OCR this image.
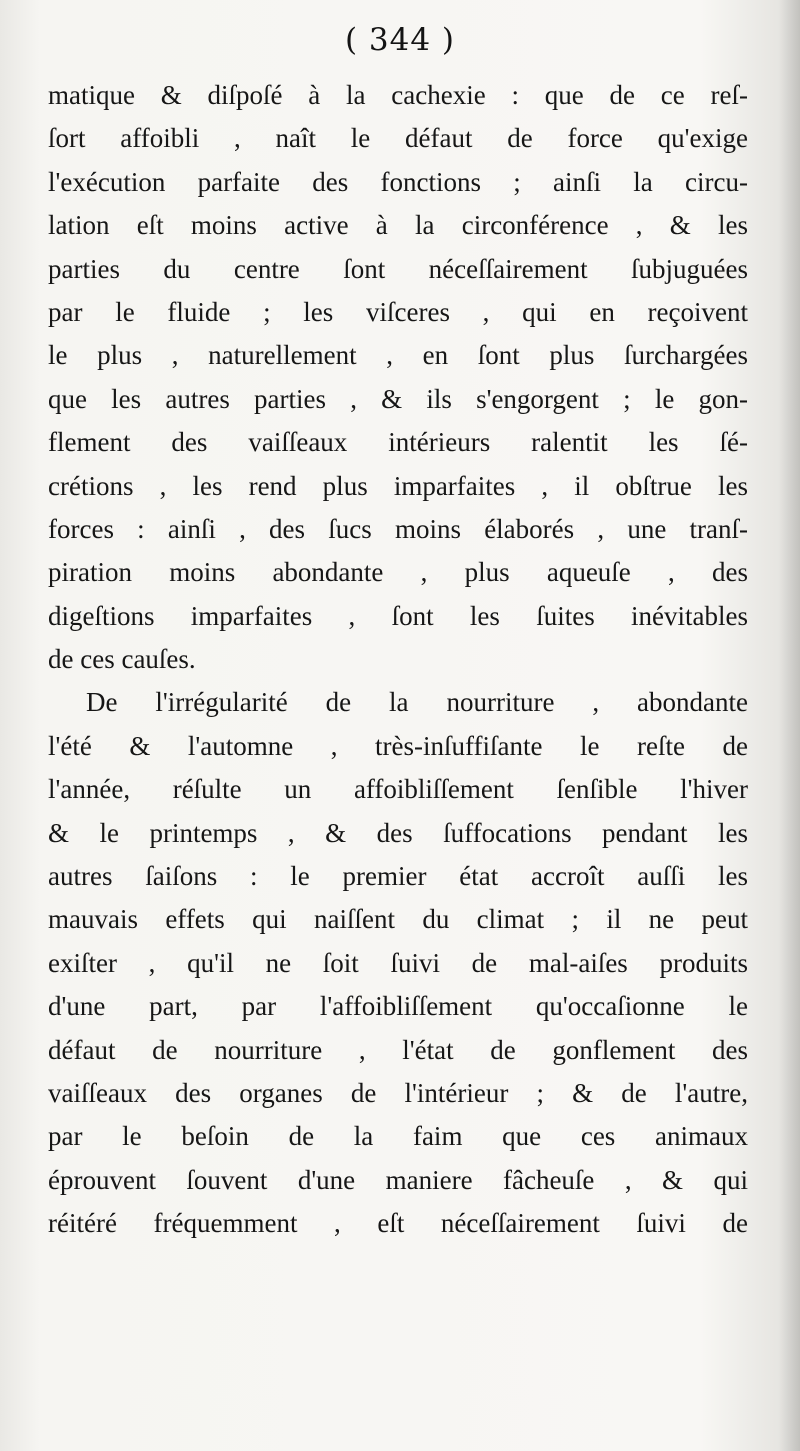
( 344 )
matique & diſpoſé à la cachexie : que de ce reſ-
ſort affoibli , naît le défaut de force qu'exige
l'exécution parfaite des fonctions ; ainſi la circu-
lation eſt moins active à la circonférence , & les
parties du centre ſont néceſſairement ſubjuguées
par le fluide ; les viſceres , qui en reçoivent
le plus , naturellement , en ſont plus ſurchargées
que les autres parties , & ils s'engorgent ; le gon-
flement des vaiſſeaux intérieurs ralentit les ſé-
crétions , les rend plus imparfaites , il obſtrue les
forces : ainſi , des ſucs moins élaborés , une tranſ-
piration moins abondante , plus aqueuſe , des
digeſtions imparfaites , ſont les ſuites inévitables
de ces cauſes.
De l'irrégularité de la nourriture , abondante
l'été & l'automne , très-inſuffiſante le reſte de
l'année, réſulte un affoibliſſement ſenſible l'hiver
& le printemps , & des ſuffocations pendant les
autres ſaiſons : le premier état accroît auſſi les
mauvais effets qui naiſſent du climat ; il ne peut
exiſter , qu'il ne ſoit ſuivi de mal-aiſes produits
d'une part, par l'affoibliſſement qu'occaſionne le
défaut de nourriture , l'état de gonflement des
vaiſſeaux des organes de l'intérieur ; & de l'autre,
par le beſoin de la faim que ces animaux
éprouvent ſouvent d'une maniere fâcheuſe , & qui
réitéré fréquemment , eſt néceſſairement ſuivi de
